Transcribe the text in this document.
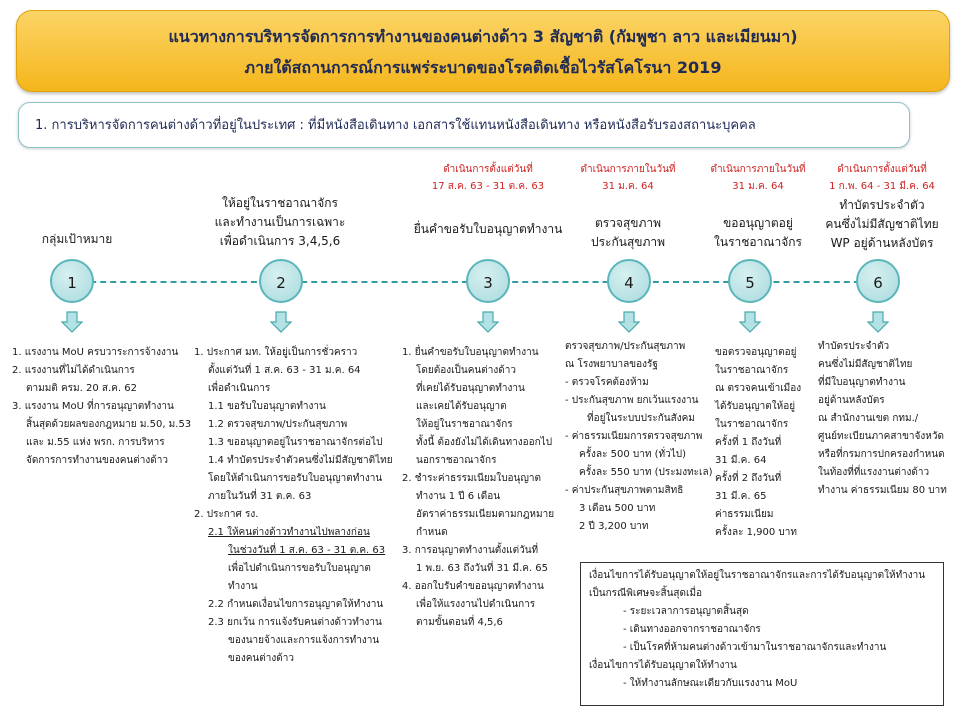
แนวทางการบริหารจัดการการทำงานของคนต่างด้าว 3 สัญชาติ (กัมพูชา ลาว และเมียนมา)
ภายใต้สถานการณ์การแพร่ระบาดของโรคติดเชื้อไวรัสโคโรนา 2019
1. การบริหารจัดการคนต่างด้าวที่อยู่ในประเทศ : ที่มีหนังสือเดินทาง เอกสารใช้แทนหนังสือเดินทาง หรือหนังสือรับรองสถานะบุคคล
กลุ่มเป้าหมาย
1
ให้อยู่ในราชอาณาจักร
และทำงานเป็นการเฉพาะ
เพื่อดำเนินการ 3,4,5,6
2
ดำเนินการตั้งแต่วันที่
17 ส.ค. 63 - 31 ต.ค. 63
ยื่นคำขอรับใบอนุญาตทำงาน
3
ดำเนินการภายในวันที่
31 ม.ค. 64
ตรวจสุขภาพ
ประกันสุขภาพ
4
ดำเนินการภายในวันที่
31 ม.ค. 64
ขออนุญาตอยู่
ในราชอาณาจักร
5
ดำเนินการตั้งแต่วันที่
1 ก.พ. 64 - 31 มี.ค. 64
ทำบัตรประจำตัว
คนซึ่งไม่มีสัญชาติไทย
WP อยู่ด้านหลังบัตร
6
1. แรงงาน MoU ครบวาระการจ้างงาน
2. แรงงานที่ไม่ได้ดำเนินการ
ตามมติ ครม. 20 ส.ค. 62
3. แรงงาน MoU ที่การอนุญาตทำงาน
สิ้นสุดด้วยผลของกฎหมาย ม.50, ม.53
และ ม.55 แห่ง พรก. การบริหาร
จัดการการทำงานของคนต่างด้าว
1. ประกาศ มท. ให้อยู่เป็นการชั่วคราว
ตั้งแต่วันที่ 1 ส.ค. 63 - 31 ม.ค. 64
เพื่อดำเนินการ
1.1 ขอรับใบอนุญาตทำงาน
1.2 ตรวจสุขภาพ/ประกันสุขภาพ
1.3 ขออนุญาตอยู่ในราชอาณาจักรต่อไป
1.4 ทำบัตรประจำตัวคนซึ่งไม่มีสัญชาติไทย
โดยให้ดำเนินการขอรับใบอนุญาตทำงาน
ภายในวันที่ 31 ต.ค. 63
2. ประกาศ รง.
2.1 ให้คนต่างด้าวทำงานไปพลางก่อน
ในช่วงวันที่ 1 ส.ค. 63 - 31 ต.ค. 63
เพื่อไปดำเนินการขอรับใบอนุญาตทำงาน
2.2 กำหนดเงื่อนไขการอนุญาตให้ทำงาน
2.3 ยกเว้น การแจ้งรับคนต่างด้าวทำงาน
ของนายจ้างและการแจ้งการทำงาน
ของคนต่างด้าว
1. ยื่นคำขอรับใบอนุญาตทำงาน
โดยต้องเป็นคนต่างด้าว
ที่เคยได้รับอนุญาตทำงาน
และเคยได้รับอนุญาต
ให้อยู่ในราชอาณาจักร
ทั้งนี้ ต้องยังไม่ได้เดินทางออกไป
นอกราชอาณาจักร
2. ชำระค่าธรรมเนียมใบอนุญาต
ทำงาน 1 ปี 6 เดือน
อัตราค่าธรรมเนียมตามกฎหมาย
กำหนด
3. การอนุญาตทำงานตั้งแต่วันที่
1 พ.ย. 63 ถึงวันที่ 31 มี.ค. 65
4. ออกใบรับคำขออนุญาตทำงาน
เพื่อให้แรงงานไปดำเนินการ
ตามขั้นตอนที่ 4,5,6
ตรวจสุขภาพ/ประกันสุขภาพ
ณ โรงพยาบาลของรัฐ
- ตรวจโรคต้องห้าม
- ประกันสุขภาพ ยกเว้นแรงงาน
ที่อยู่ในระบบประกันสังคม
- ค่าธรรมเนียมการตรวจสุขภาพ
ครั้งละ 500 บาท (ทั่วไป)
ครั้งละ 550 บาท (ประมงทะเล)
- ค่าประกันสุขภาพตามสิทธิ
3 เดือน 500 บาท
2 ปี 3,200 บาท
ขอตรวจอนุญาตอยู่
ในราชอาณาจักร
ณ ตรวจคนเข้าเมือง
ได้รับอนุญาตให้อยู่
ในราชอาณาจักร
ครั้งที่ 1 ถึงวันที่
31 มี.ค. 64
ครั้งที่ 2 ถึงวันที่
31 มี.ค. 65
ค่าธรรมเนียม
ครั้งละ 1,900 บาท
ทำบัตรประจำตัว
คนซึ่งไม่มีสัญชาติไทย
ที่มีใบอนุญาตทำงาน
อยู่ด้านหลังบัตร
ณ สำนักงานเขต กทม./
ศูนย์ทะเบียนภาคสาขาจังหวัด
หรือที่กรมการปกครองกำหนด
ในท้องที่ที่แรงงานต่างด้าว
ทำงาน ค่าธรรมเนียม 80 บาท
เงื่อนไขการได้รับอนุญาตให้อยู่ในราชอาณาจักรและการได้รับอนุญาตให้ทำงาน
เป็นกรณีพิเศษจะสิ้นสุดเมื่อ
- ระยะเวลาการอนุญาตสิ้นสุด
- เดินทางออกจากราชอาณาจักร
- เป็นโรคที่ห้ามคนต่างด้าวเข้ามาในราชอาณาจักรและทำงาน
เงื่อนไขการได้รับอนุญาตให้ทำงาน
- ให้ทำงานลักษณะเดียวกับแรงงาน MoU
